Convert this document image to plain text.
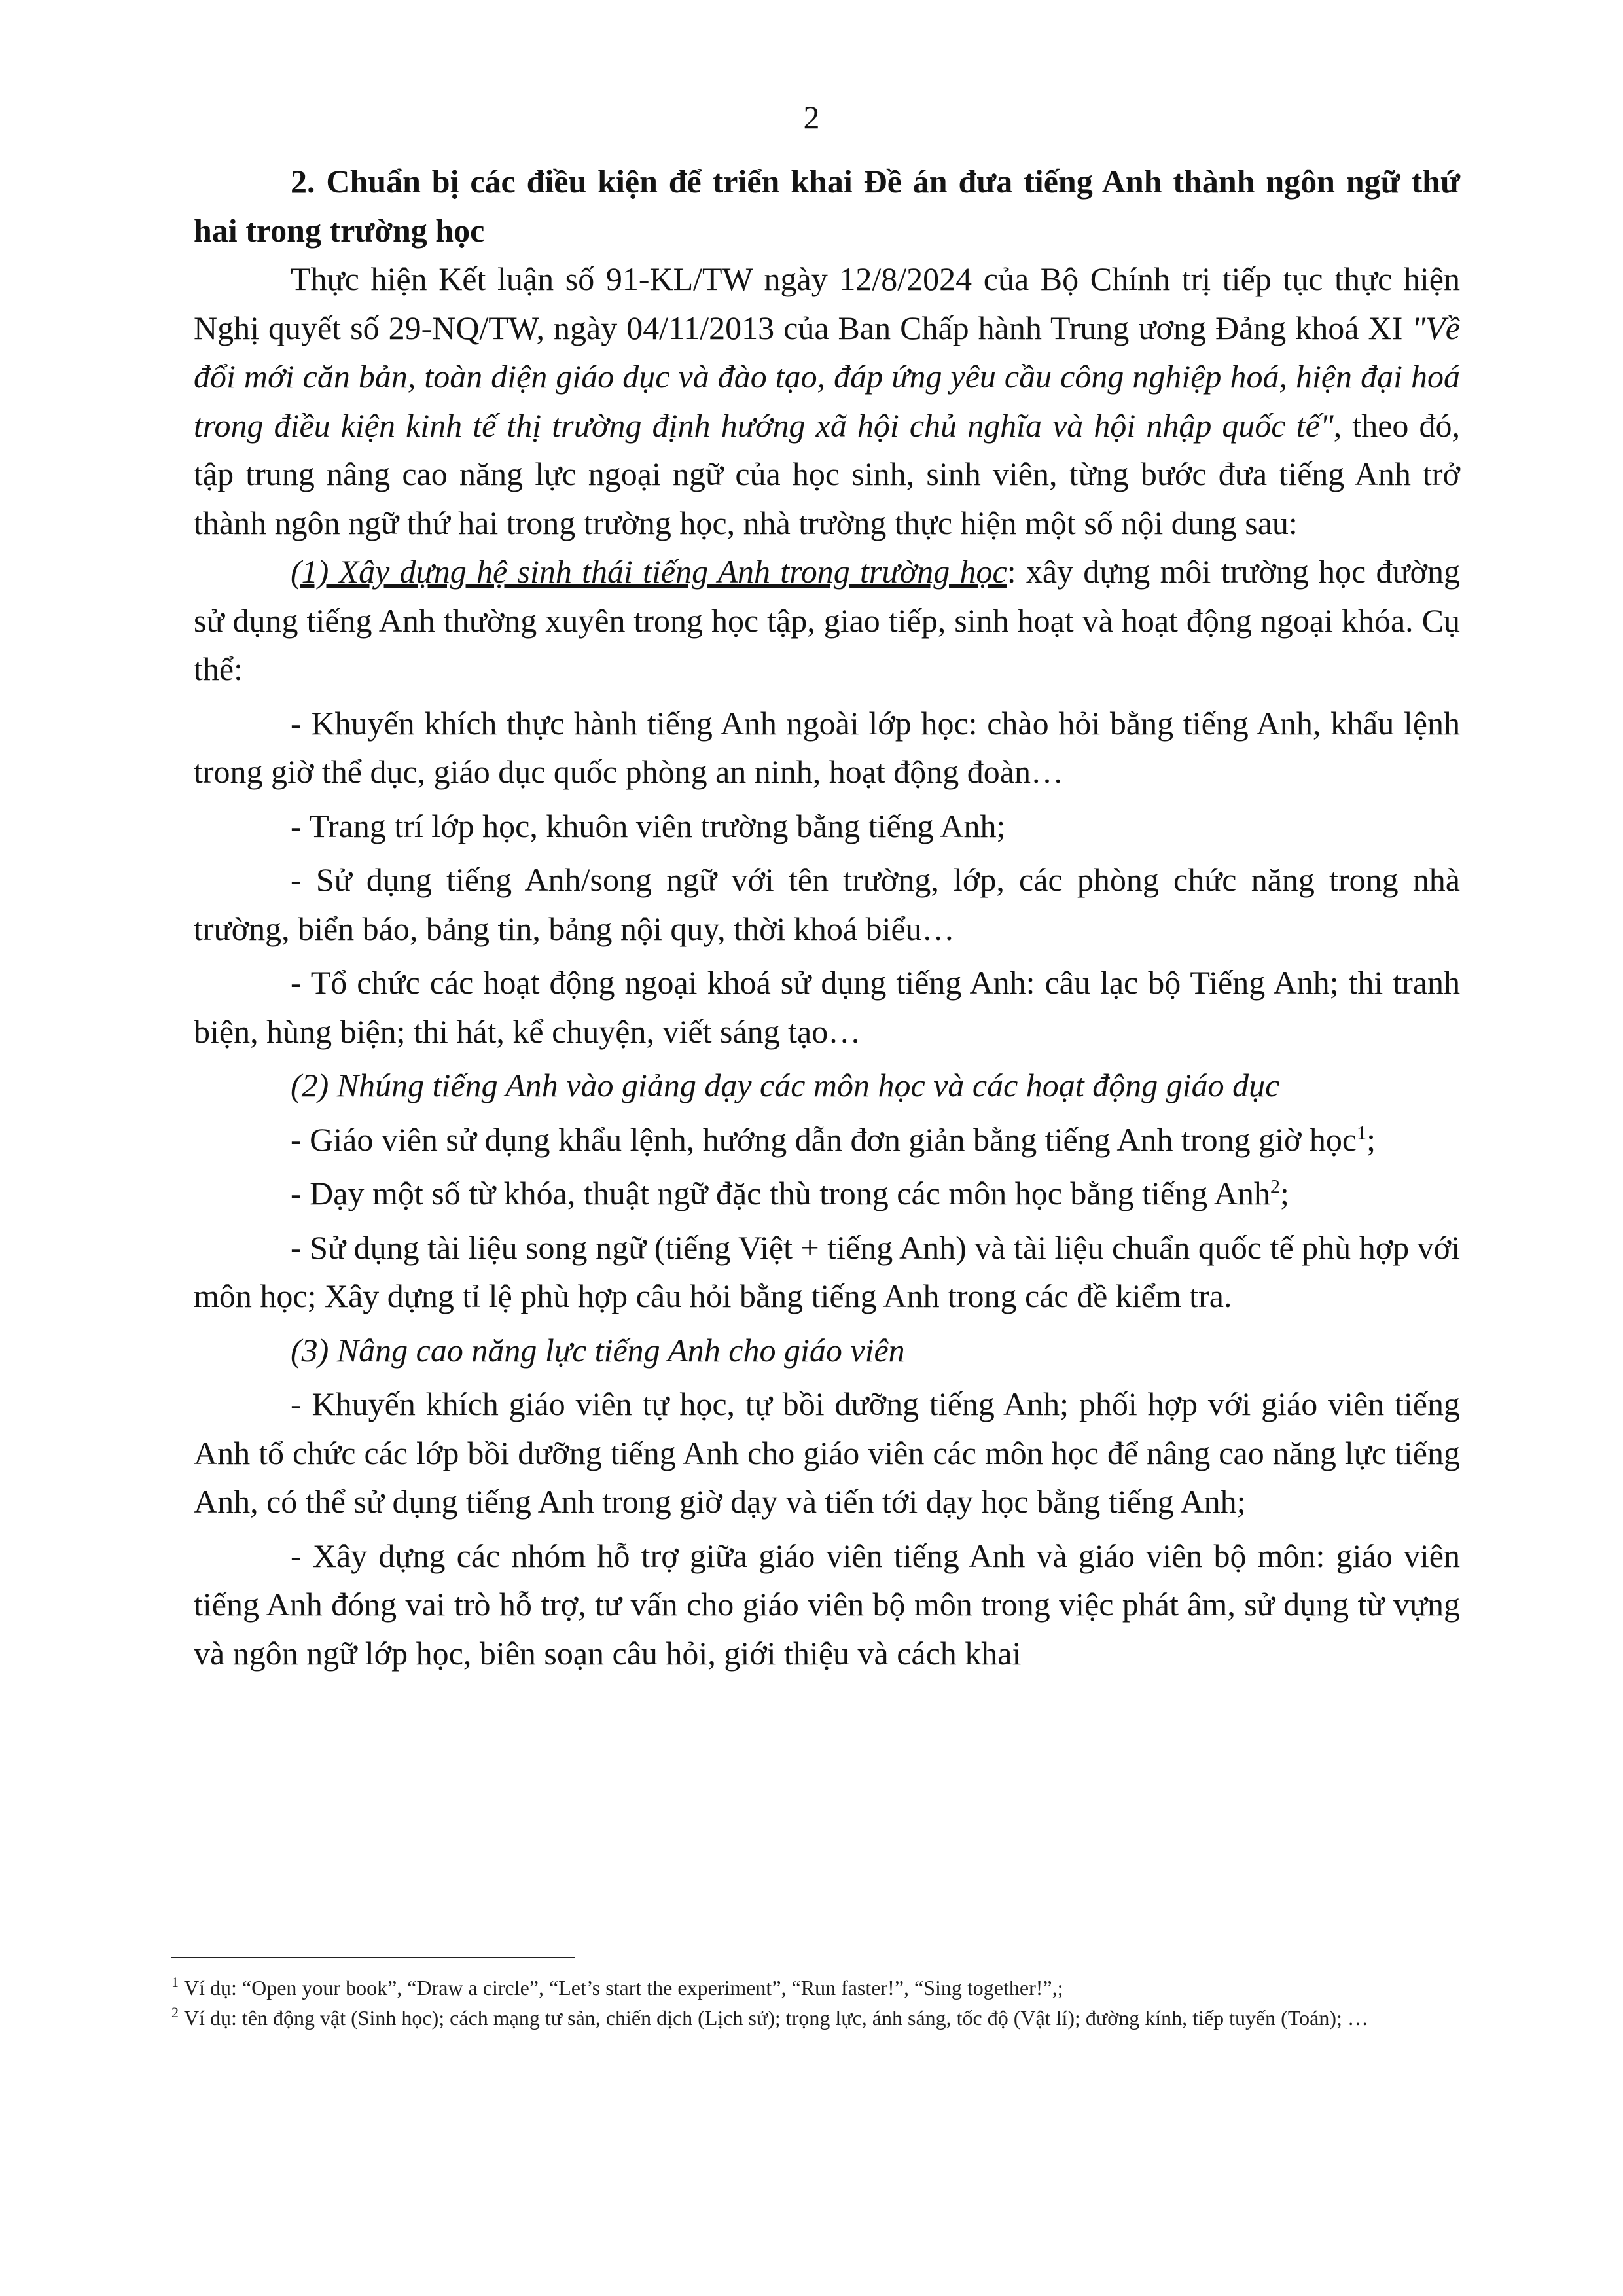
2

2. Chuẩn bị các điều kiện để triển khai Đề án đưa tiếng Anh thành ngôn ngữ thứ hai trong trường học

Thực hiện Kết luận số 91-KL/TW ngày 12/8/2024 của Bộ Chính trị tiếp tục thực hiện Nghị quyết số 29-NQ/TW, ngày 04/11/2013 của Ban Chấp hành Trung ương Đảng khoá XI "Về đổi mới căn bản, toàn diện giáo dục và đào tạo, đáp ứng yêu cầu công nghiệp hoá, hiện đại hoá trong điều kiện kinh tế thị trường định hướng xã hội chủ nghĩa và hội nhập quốc tế", theo đó, tập trung nâng cao năng lực ngoại ngữ của học sinh, sinh viên, từng bước đưa tiếng Anh trở thành ngôn ngữ thứ hai trong trường học, nhà trường thực hiện một số nội dung sau:

(1) Xây dựng hệ sinh thái tiếng Anh trong trường học: xây dựng môi trường học đường sử dụng tiếng Anh thường xuyên trong học tập, giao tiếp, sinh hoạt và hoạt động ngoại khóa. Cụ thể:

- Khuyến khích thực hành tiếng Anh ngoài lớp học: chào hỏi bằng tiếng Anh, khẩu lệnh trong giờ thể dục, giáo dục quốc phòng an ninh, hoạt động đoàn…

- Trang trí lớp học, khuôn viên trường bằng tiếng Anh;

- Sử dụng tiếng Anh/song ngữ với tên trường, lớp, các phòng chức năng trong nhà trường, biển báo, bảng tin, bảng nội quy, thời khoá biểu…

- Tổ chức các hoạt động ngoại khoá sử dụng tiếng Anh: câu lạc bộ Tiếng Anh; thi tranh biện, hùng biện; thi hát, kể chuyện, viết sáng tạo…

(2) Nhúng tiếng Anh vào giảng dạy các môn học và các hoạt động giáo dục

- Giáo viên sử dụng khẩu lệnh, hướng dẫn đơn giản bằng tiếng Anh trong giờ học$^1$;

- Dạy một số từ khóa, thuật ngữ đặc thù trong các môn học bằng tiếng Anh$^2$;

- Sử dụng tài liệu song ngữ (tiếng Việt + tiếng Anh) và tài liệu chuẩn quốc tế phù hợp với môn học; Xây dựng tỉ lệ phù hợp câu hỏi bằng tiếng Anh trong các đề kiểm tra.

(3) Nâng cao năng lực tiếng Anh cho giáo viên

- Khuyến khích giáo viên tự học, tự bồi dưỡng tiếng Anh; phối hợp với giáo viên tiếng Anh tổ chức các lớp bồi dưỡng tiếng Anh cho giáo viên các môn học để nâng cao năng lực tiếng Anh, có thể sử dụng tiếng Anh trong giờ dạy và tiến tới dạy học bằng tiếng Anh;

- Xây dựng các nhóm hỗ trợ giữa giáo viên tiếng Anh và giáo viên bộ môn: giáo viên tiếng Anh đóng vai trò hỗ trợ, tư vấn cho giáo viên bộ môn trong việc phát âm, sử dụng từ vựng và ngôn ngữ lớp học, biên soạn câu hỏi, giới thiệu và cách khai

$^1$ Ví dụ: “Open your book”, “Draw a circle”, “Let’s start the experiment”, “Run faster!”, “Sing together!”,;

$^2$ Ví dụ: tên động vật (Sinh học); cách mạng tư sản, chiến dịch (Lịch sử); trọng lực, ánh sáng, tốc độ (Vật lí); đường kính, tiếp tuyến (Toán); …
